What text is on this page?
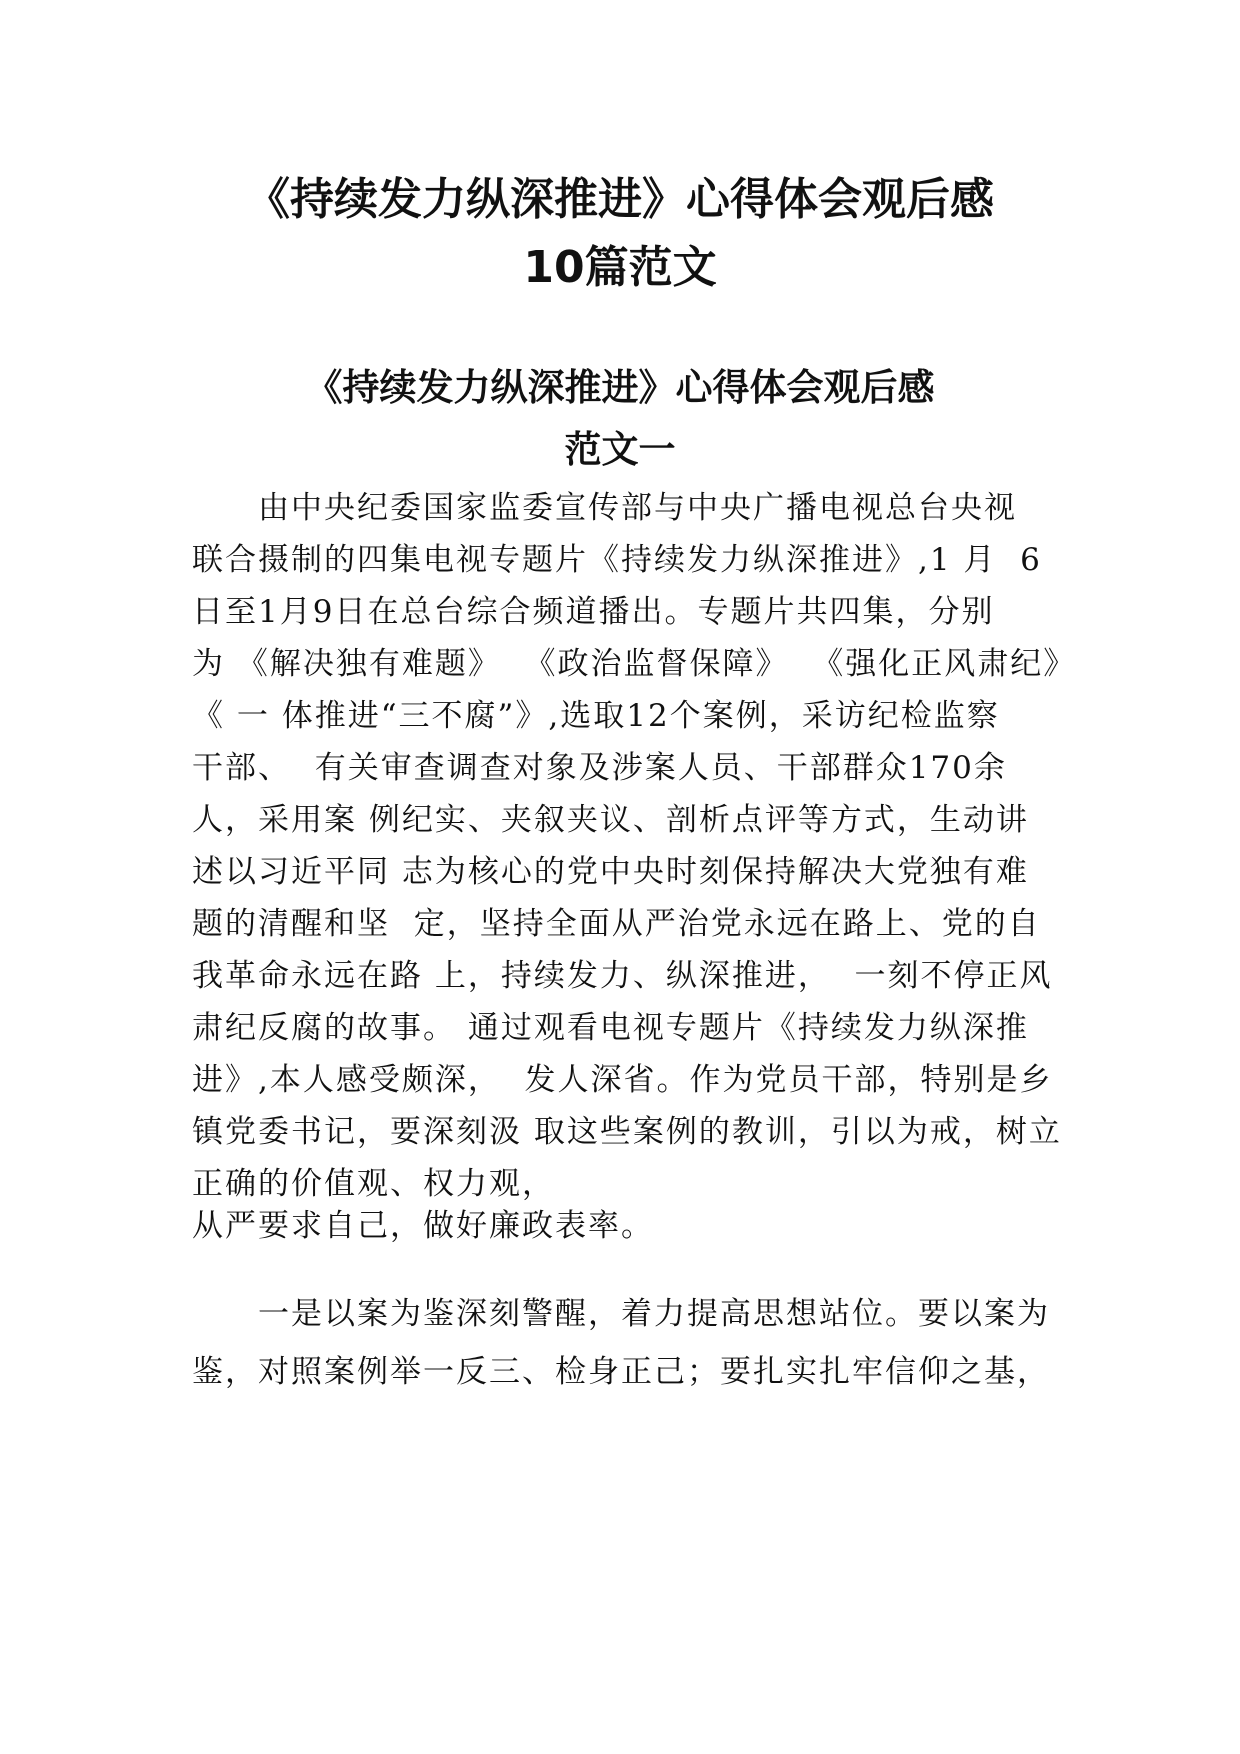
《持续发力纵深推进》心得体会观后感
10篇范文
《持续发力纵深推进》心得体会观后感
范文一
　　由中央纪委国家监委宣传部与中央广播电视总台央视
联合摄制的四集电视专题片《持续发力纵深推进》,1 月  6
日至1月9日在总台综合频道播出。专题片共四集，分别
为 《解决独有难题》  《政治监督保障》  《强化正风肃纪》
《 一 体推进“三不腐”》,选取12个案例，采访纪检监察
干部、  有关审查调查对象及涉案人员、干部群众170余
人，采用案 例纪实、夹叙夹议、剖析点评等方式，生动讲
述以习近平同 志为核心的党中央时刻保持解决大党独有难
题的清醒和坚  定，坚持全面从严治党永远在路上、党的自
我革命永远在路 上，持续发力、纵深推进，  一刻不停正风
肃纪反腐的故事。 通过观看电视专题片《持续发力纵深推
进》,本人感受颇深，  发人深省。作为党员干部，特别是乡
镇党委书记，要深刻汲 取这些案例的教训，引以为戒，树立
正确的价值观、权力观，
从严要求自己，做好廉政表率。
　　一是以案为鉴深刻警醒，着力提高思想站位。要以案为
鉴，对照案例举一反三、检身正己；要扎实扎牢信仰之基，
